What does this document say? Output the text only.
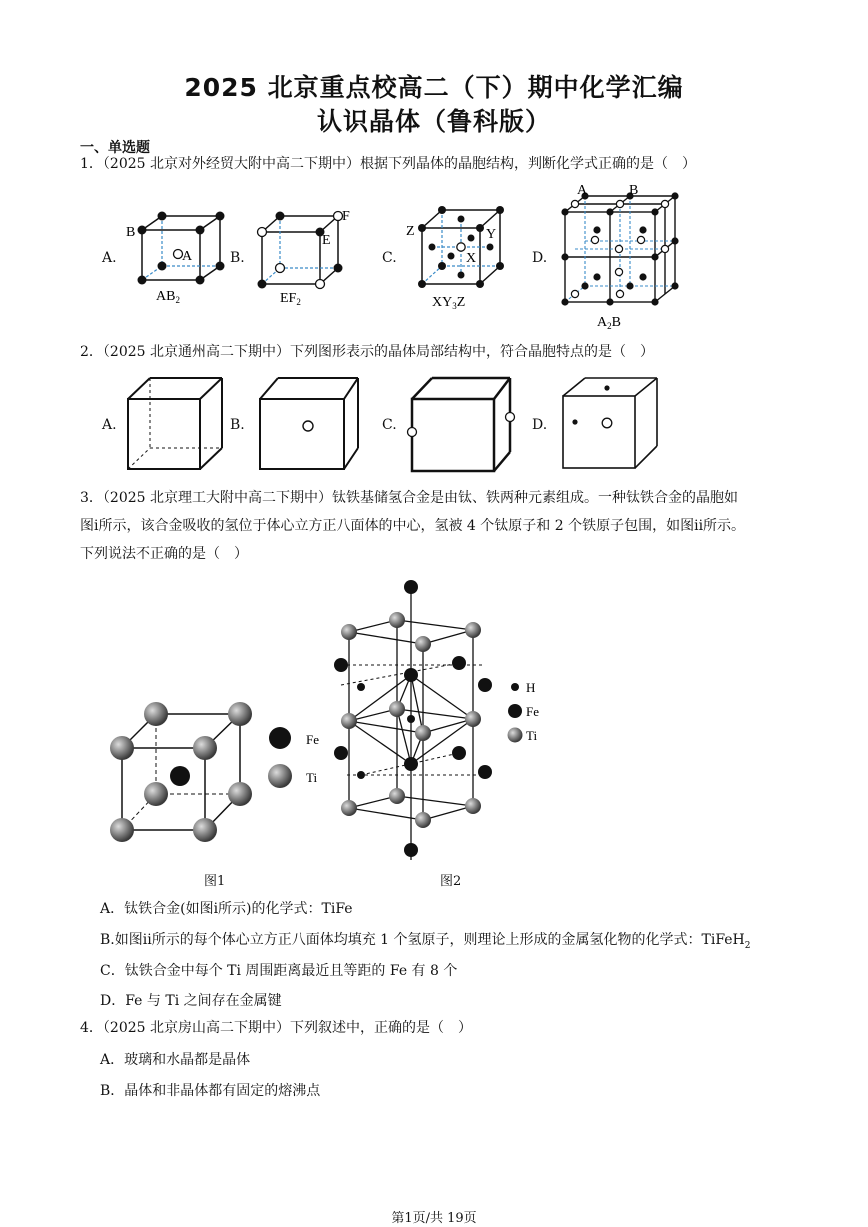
2025 北京重点校高二（下）期中化学汇编
认识晶体（鲁科版）
一、单选题
1．（2025 北京对外经贸大附中高二下期中）根据下列晶体的晶胞结构，判断化学式正确的是（　）
A.	B.	C.	D.
B
A
$AB_2$
F
E
$EF_2$
Z	Y
X
$XY_3Z$
A	B
$A_2B$
2．（2025 北京通州高二下期中）下列图形表示的晶体局部结构中，符合晶胞特点的是（　）
A.	B.	C.	D.
3．（2025 北京理工大附中高二下期中）钛铁基储氢合金是由钛、铁两种元素组成。一种钛铁合金的晶胞如
图i所示，该合金吸收的氢位于体心立方正八面体的中心，氢被 4 个钛原子和 2 个铁原子包围，如图ii所示。
下列说法不正确的是（　）
Fe
Ti
H
Fe
Ti
图1	图2
A．钛铁合金(如图i所示)的化学式：TiFe
B.如图ii所示的每个体心立方正八面体均填充 1 个氢原子，则理论上形成的金属氢化物的化学式：TiFeH$_2$
C．钛铁合金中每个 Ti 周围距离最近且等距的 Fe 有 8 个
D．Fe 与 Ti 之间存在金属键
4．（2025 北京房山高二下期中）下列叙述中，正确的是（　）
A．玻璃和水晶都是晶体
B．晶体和非晶体都有固定的熔沸点
第1页/共 19页
